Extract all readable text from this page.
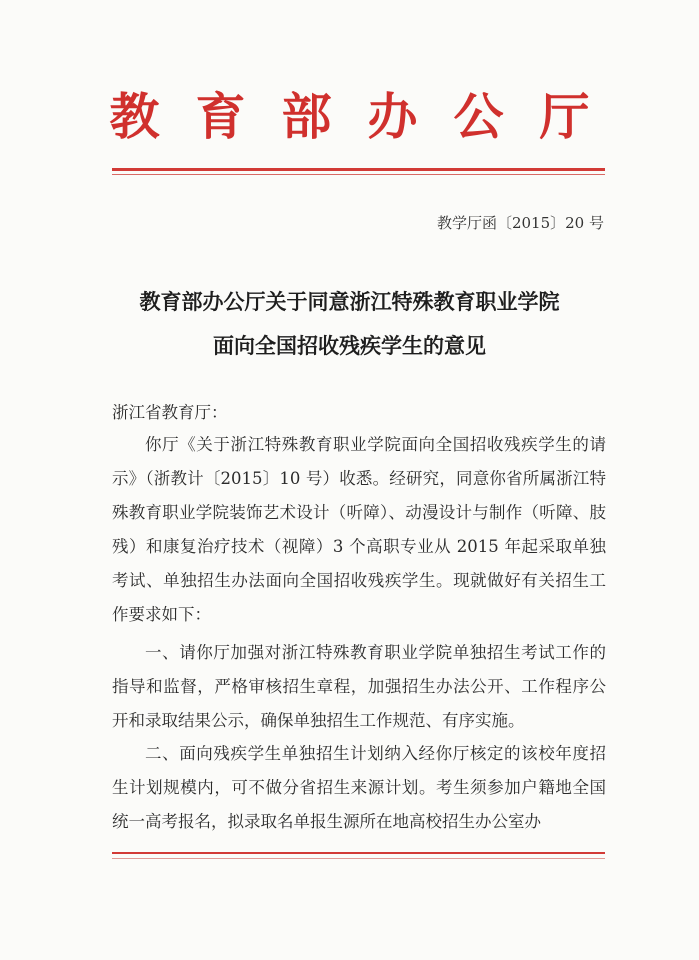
教育部办公厅
教学厅函〔2015〕20 号
教育部办公厅关于同意浙江特殊教育职业学院
面向全国招收残疾学生的意见
浙江省教育厅：

你厅《关于浙江特殊教育职业学院面向全国招收残疾学生的请示》（浙教计〔2015〕10 号）收悉。经研究，同意你省所属浙江特殊教育职业学院装饰艺术设计（听障）、动漫设计与制作（听障、肢残）和康复治疗技术（视障）3 个高职专业从 2015 年起采取单独考试、单独招生办法面向全国招收残疾学生。现就做好有关招生工作要求如下：

一、请你厅加强对浙江特殊教育职业学院单独招生考试工作的指导和监督，严格审核招生章程，加强招生办法公开、工作程序公开和录取结果公示，确保单独招生工作规范、有序实施。

二、面向残疾学生单独招生计划纳入经你厅核定的该校年度招生计划规模内，可不做分省招生来源计划。考生须参加户籍地全国统一高考报名，拟录取名单报生源所在地高校招生办公室办
